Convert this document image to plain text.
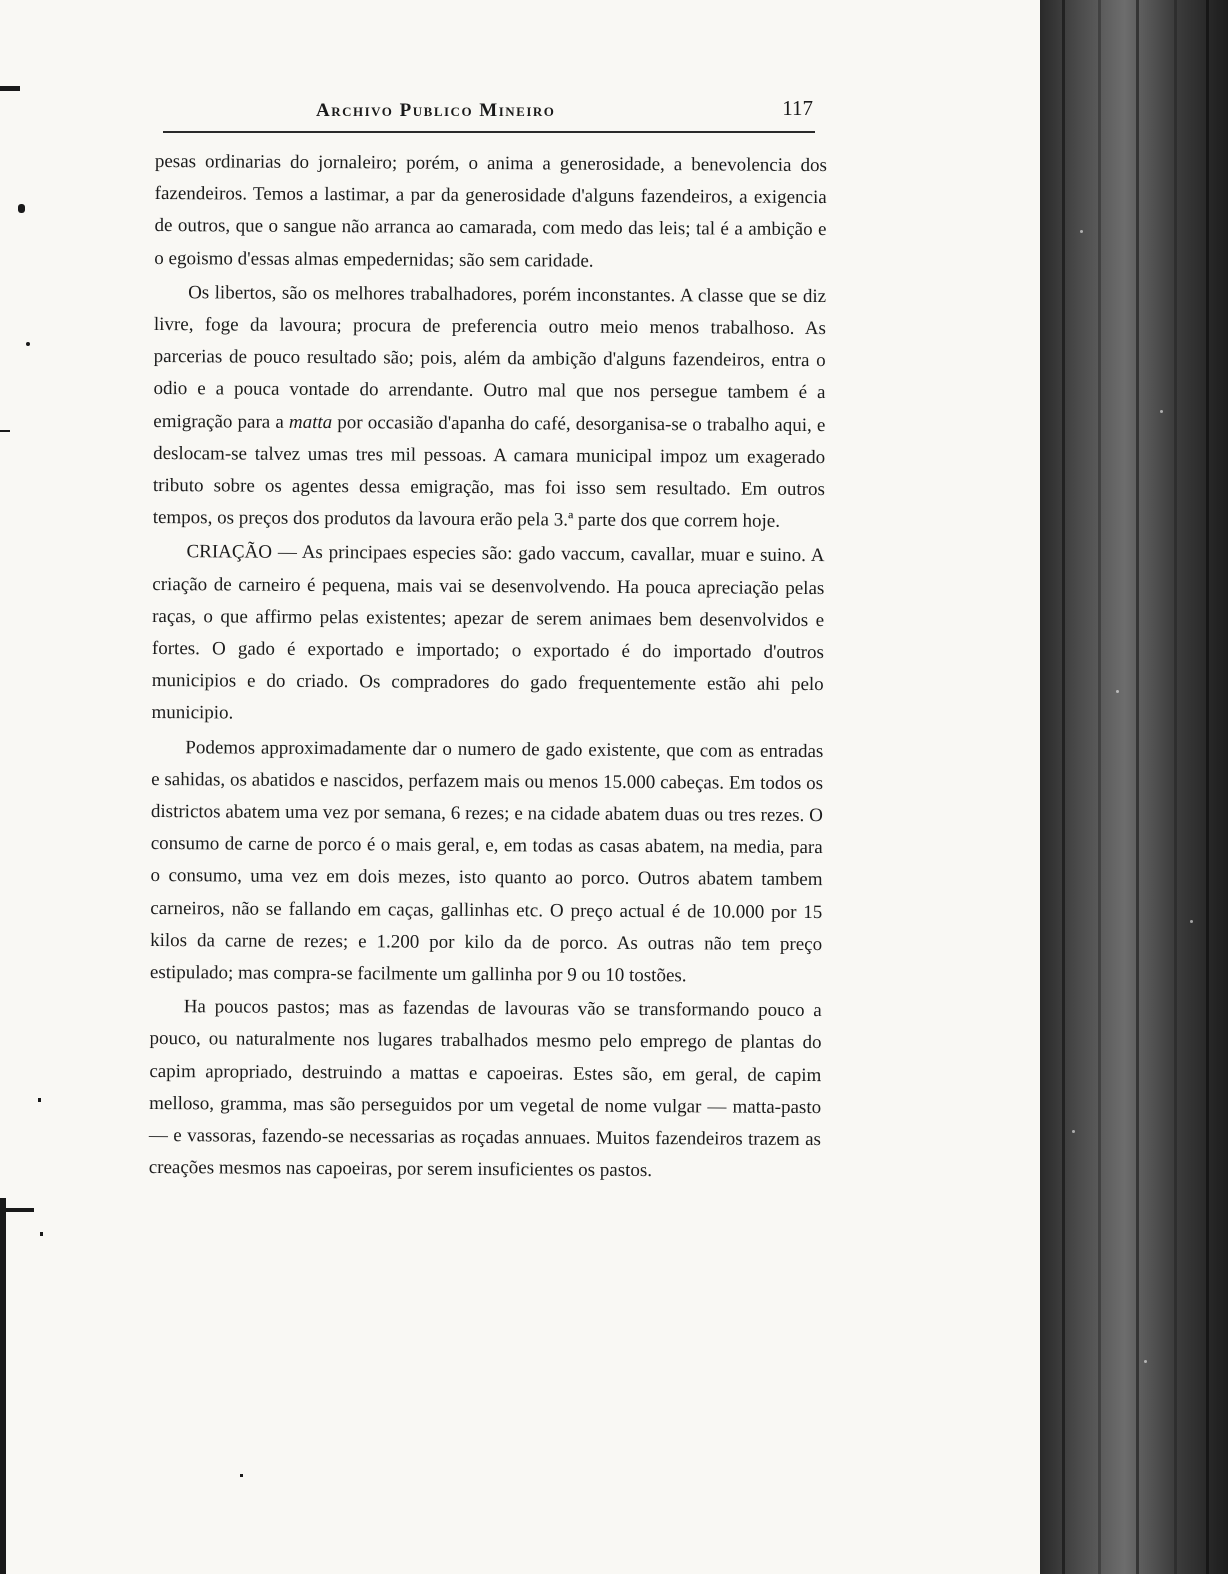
Archivo Publico Mineiro	117

pesas ordinarias do jornaleiro; porém, o anima a generosidade, a benevolencia dos fazendeiros. Temos a lastimar, a par da generosidade d'alguns fazendeiros, a exigencia de outros, que o sangue não arranca ao camarada, com medo das leis; tal é a ambição e o egoismo d'essas almas empedernidas; são sem caridade.

Os libertos, são os melhores trabalhadores, porém inconstantes. A classe que se diz livre, foge da lavoura; procura de preferencia outro meio menos trabalhoso. As parcerias de pouco resultado são; pois, além da ambição d'alguns fazendeiros, entra o odio e a pouca vontade do arrendante. Outro mal que nos persegue tambem é a emigração para a matta por occasião d'apanha do café, desorganisa-se o trabalho aqui, e deslocam-se talvez umas tres mil pessoas. A camara municipal impoz um exagerado tributo sobre os agentes dessa emigração, mas foi isso sem resultado. Em outros tempos, os preços dos produtos da lavoura erão pela 3.ª parte dos que correm hoje.

CRIAÇÃO — As principaes especies são: gado vaccum, cavallar, muar e suino. A criação de carneiro é pequena, mais vai se desenvolvendo. Ha pouca apreciação pelas raças, o que affirmo pelas existentes; apezar de serem animaes bem desenvolvidos e fortes. O gado é exportado e importado; o exportado é do importado d'outros municipios e do criado. Os compradores do gado frequentemente estão ahi pelo municipio.

Podemos approximadamente dar o numero de gado existente, que com as entradas e sahidas, os abatidos e nascidos, perfazem mais ou menos 15.000 cabeças. Em todos os districtos abatem uma vez por semana, 6 rezes; e na cidade abatem duas ou tres rezes. O consumo de carne de porco é o mais geral, e, em todas as casas abatem, na media, para o consumo, uma vez em dois mezes, isto quanto ao porco. Outros abatem tambem carneiros, não se fallando em caças, gallinhas etc. O preço actual é de 10.000 por 15 kilos da carne de rezes; e 1.200 por kilo da de porco. As outras não tem preço estipulado; mas compra-se facilmente um gallinha por 9 ou 10 tostões.

Ha poucos pastos; mas as fazendas de lavouras vão se transformando pouco a pouco, ou naturalmente nos lugares trabalhados mesmo pelo emprego de plantas do capim apropriado, destruindo a mattas e capoeiras. Estes são, em geral, de capim melloso, gramma, mas são perseguidos por um vegetal de nome vulgar — matta-pasto — e vassoras, fazendo-se necessarias as roçadas annuaes. Muitos fazendeiros trazem as creações mesmos nas capoeiras, por serem insuficientes os pastos.
